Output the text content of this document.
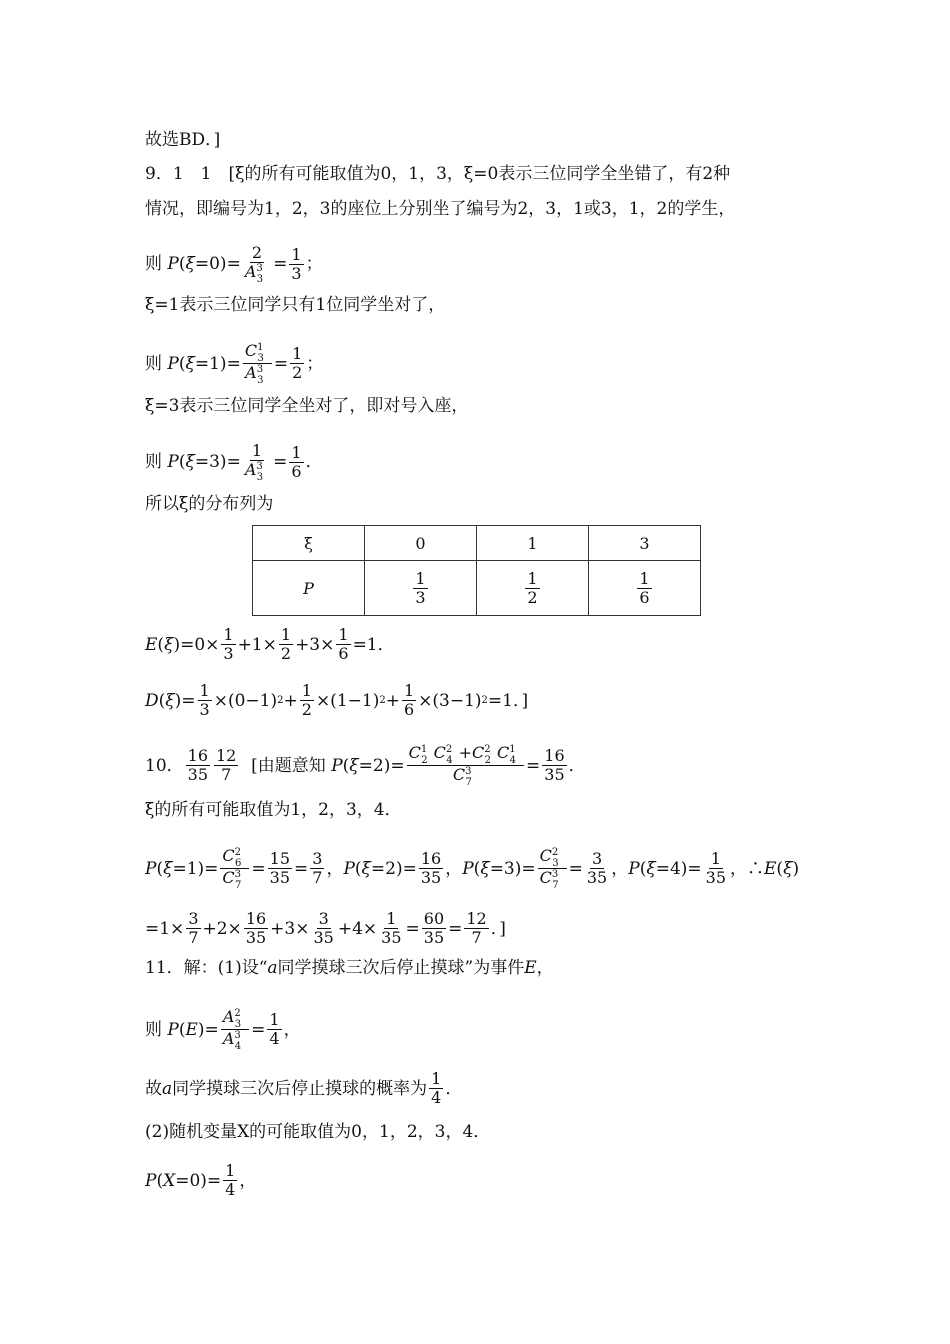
故选BD．]
9．1　1　[ξ的所有可能取值为0，1，3，ξ=0表示三位同学全坐错了，有2种
情况，即编号为1，2，3的座位上分别坐了编号为2，3，1或3，1，2的学生，
则
P ( $\xi =0)= \frac{2}{A^3_3} = \frac{1}{3}$ ；
ξ=1表示三位同学只有1位同学坐对了，
则 P ( $\xi =1)= \frac{C^1_3}{A^3_3} = \frac{1}{2}$ ；
ξ=3表示三位同学全坐对了，即对号入座，
则 P ( $\xi =3)= \frac{1}{A^3_3} = \frac{1}{6}$ ．
所以ξ的分布列为
ξ	0	1	3
P	$\frac{1}{3}$	$\frac{1}{2}$	$\frac{1}{6}$
E ( ξ )$=0\times \frac{1}{3} +1\times \frac{1}{2} +3\times \frac{1}{6} =1$．
D ( ξ )= $\frac{1}{3} \times(0-1) 2 + \frac{1}{2} \times(1-1) 2 + \frac{1}{6} \times(3-1)$ 2 =1．]
10． $\frac{16}{35} \frac{12}{7}$ [由题意知 P ( $\xi =2)= \frac{C^1_2 C^2_4 +C^2_2 C^1_4}{C^3_7} = \frac{16}{35}$ ．
ξ的所有可能取值为1，2，3，4．
P ( $\xi =1)= \frac{C^2_6}{C^3_7} = \frac{15}{35} = \frac{3}{7}$ ， P ( $\xi =2)= \frac{16}{35}$ ， P ( $\xi =3)= \frac{C^2_3}{C^3_7} = \frac{3}{35}$ ， P ( $\xi =4)= \frac{1}{35}$ ，∴ E ( ξ )
$=1\times \frac{3}{7} +2\times \frac{16}{35} +3\times \frac{3}{35} +4\times \frac{1}{35} = \frac{60}{35} = \frac{12}{7}$ ．]
11．解：(1)设“ a 同学摸球三次后停止摸球”为事件 E ，
则 P ( E )= $\frac{A^2_3}{A^3_4} = \frac{1}{4}$ ，
故 a 同学摸球三次后停止摸球的概率为 $\frac{1}{4}$ ．
(2)随机变量X的可能取值为0，1，2，3，4．
P ( $X =0)= \frac{1}{4}$ ，
